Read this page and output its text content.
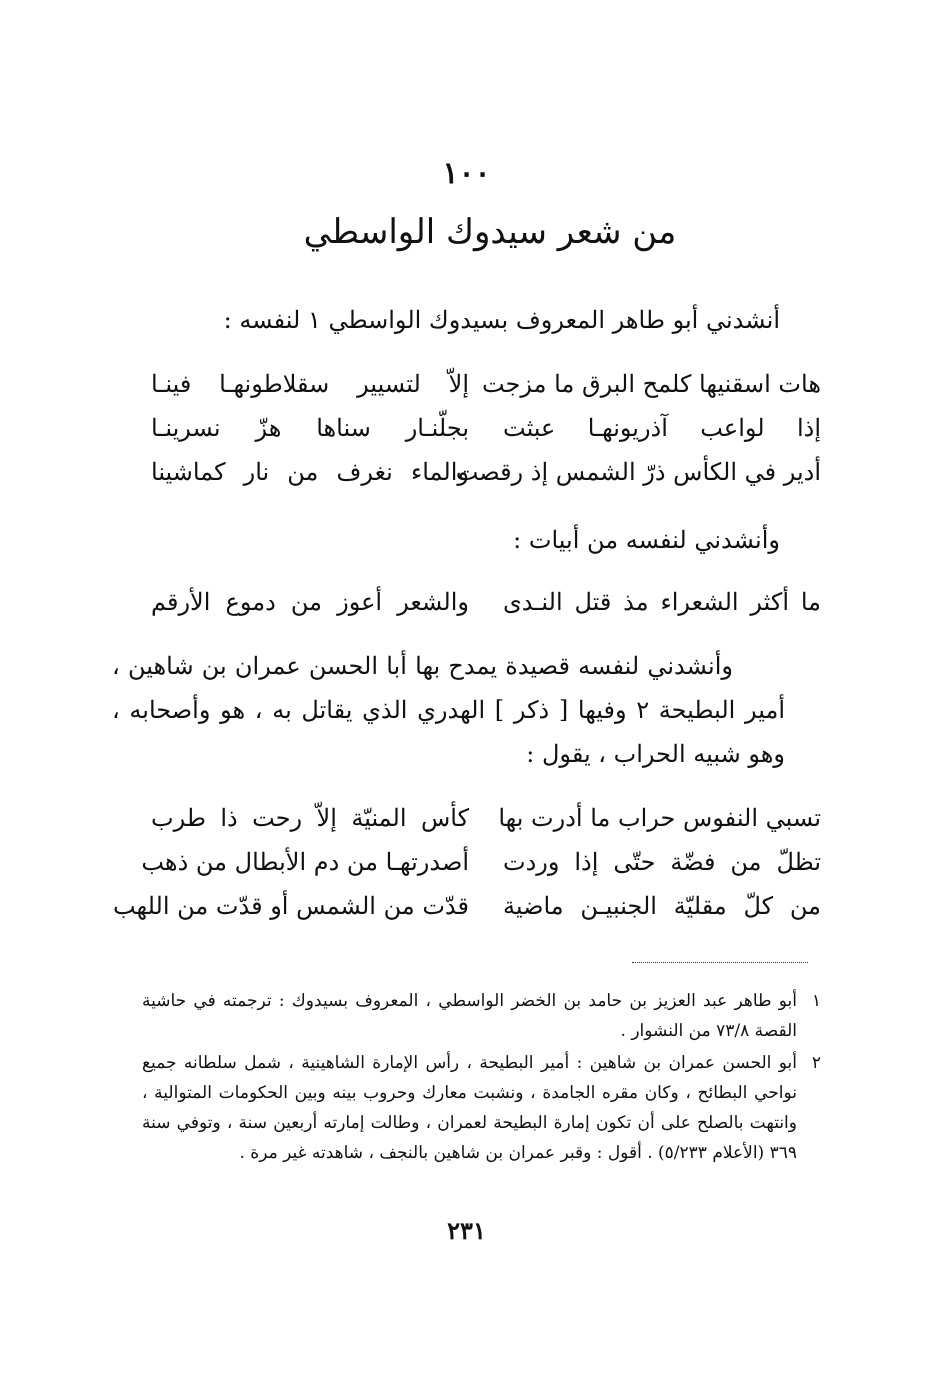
١٠٠
من شعر سيدوك الواسطي
أنشدني أبو طاهر المعروف بسيدوك الواسطي ١ لنفسه :
هات اسقنيها كلمح البرق ما مزجت
إلاّ لتسيير سقلاطونهـا فينـا
إذا لواعب آذريونهـا عبثت
بجلّنـار سناها هزّ نسرينـا
أدير في الكأس ذرّ الشمس إذ رقصت
والماء نغرف من نار كماشينا
وأنشدني لنفسه من أبيات :
ما أكثر الشعراء مذ قتل النـدى
والشعر أعوز من دموع الأرقم
وأنشدني لنفسه قصيدة يمدح بها أبا الحسن عمران بن شاهين ، أمير البطيحة ٢ وفيها [ ذكر ] الهدري الذي يقاتل به ، هو وأصحابه ، وهو شبيه الحراب ، يقول :
تسبي النفوس حراب ما أدرت بها
كأس المنيّة إلاّ رحت ذا طرب
تظلّ من فضّة حتّى إذا وردت
أصدرتهـا من دم الأبطال من ذهب
من كلّ مقليّة الجنبيـن ماضية
قدّت من الشمس أو قدّت من اللهب
١
أبو طاهر عبد العزيز بن حامد بن الخضر الواسطي ، المعروف بسيدوك : ترجمته في حاشية القصة ٧٣/٨ من النشوار .
٢
أبو الحسن عمران بن شاهين : أمير البطيحة ، رأس الإمارة الشاهينية ، شمل سلطانه جميع نواحي البطائح ، وكان مقره الجامدة ، ونشبت معارك وحروب بينه وبين الحكومات المتوالية ، وانتهت بالصلح على أن تكون إمارة البطيحة لعمران ، وطالت إمارته أربعين سنة ، وتوفي سنة ٣٦٩ (الأعلام ٥/٢٣٣) . أقول : وقبر عمران بن شاهين بالنجف ، شاهدته غير مرة .
٢٣١
